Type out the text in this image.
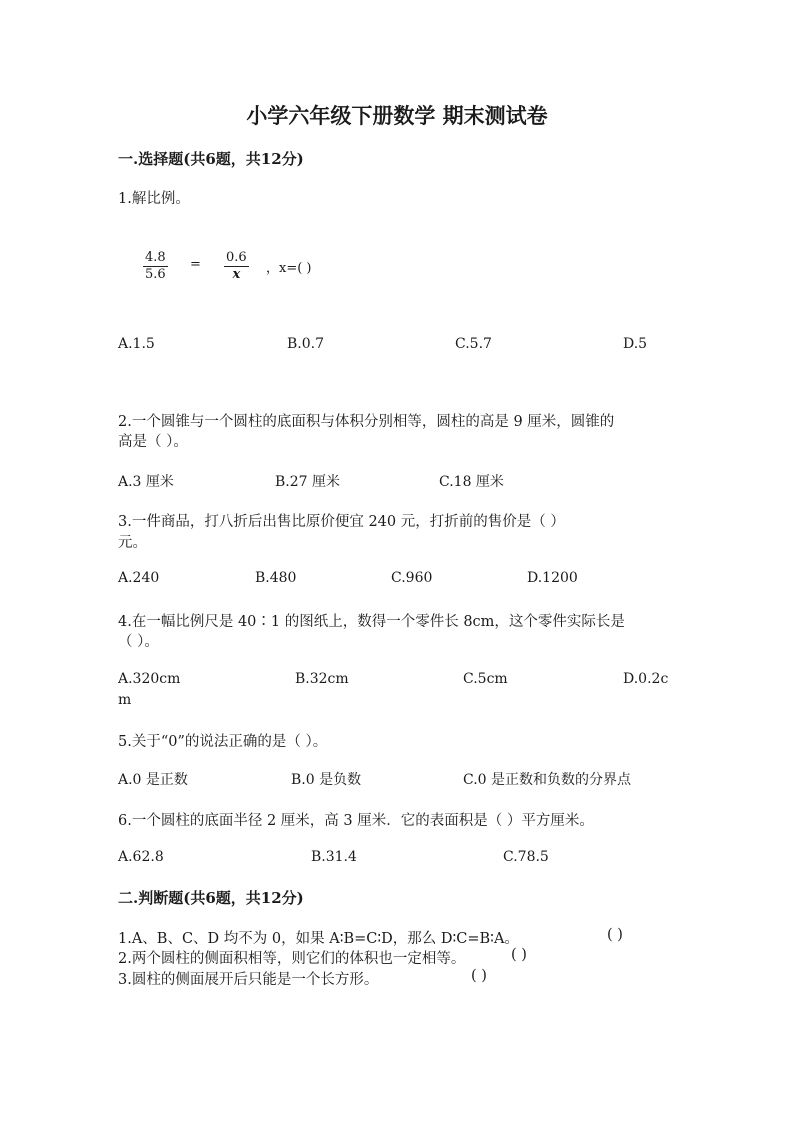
小学六年级下册数学 期末测试卷
一.选择题(共6题，共12分)
1.解比例。
$\frac{4.8}{5.6} = \frac{0.6}{x}$ ，x=( )
A.1.5	B.0.7	C.5.7	D.5
2.一个圆锥与一个圆柱的底面积与体积分别相等，圆柱的高是 9 厘米，圆锥的
高是（ ）。
A.3 厘米	B.27 厘米	C.18 厘米
3.一件商品，打八折后出售比原价便宜 240 元，打折前的售价是（ ）
元。
A.240	B.480	C.960	D.1200
4.在一幅比例尺是 40∶1 的图纸上，数得一个零件长 8cm，这个零件实际长是
（ ）。
A.320cm	B.32cm	C.5cm	D.0.2c
m
5.关于“0”的说法正确的是（ ）。
A.0 是正数	B.0 是负数	C.0 是正数和负数的分界点
6.一个圆柱的底面半径 2 厘米，高 3 厘米．它的表面积是（ ）平方厘米。
A.62.8	B.31.4	C.78.5
二.判断题(共6题，共12分)
1.A、B、C、D 均不为 0，如果 A∶B=C∶D，那么 D∶C=B∶A。	( )
2.两个圆柱的侧面积相等，则它们的体积也一定相等。	( )
3.圆柱的侧面展开后只能是一个长方形。	( )
